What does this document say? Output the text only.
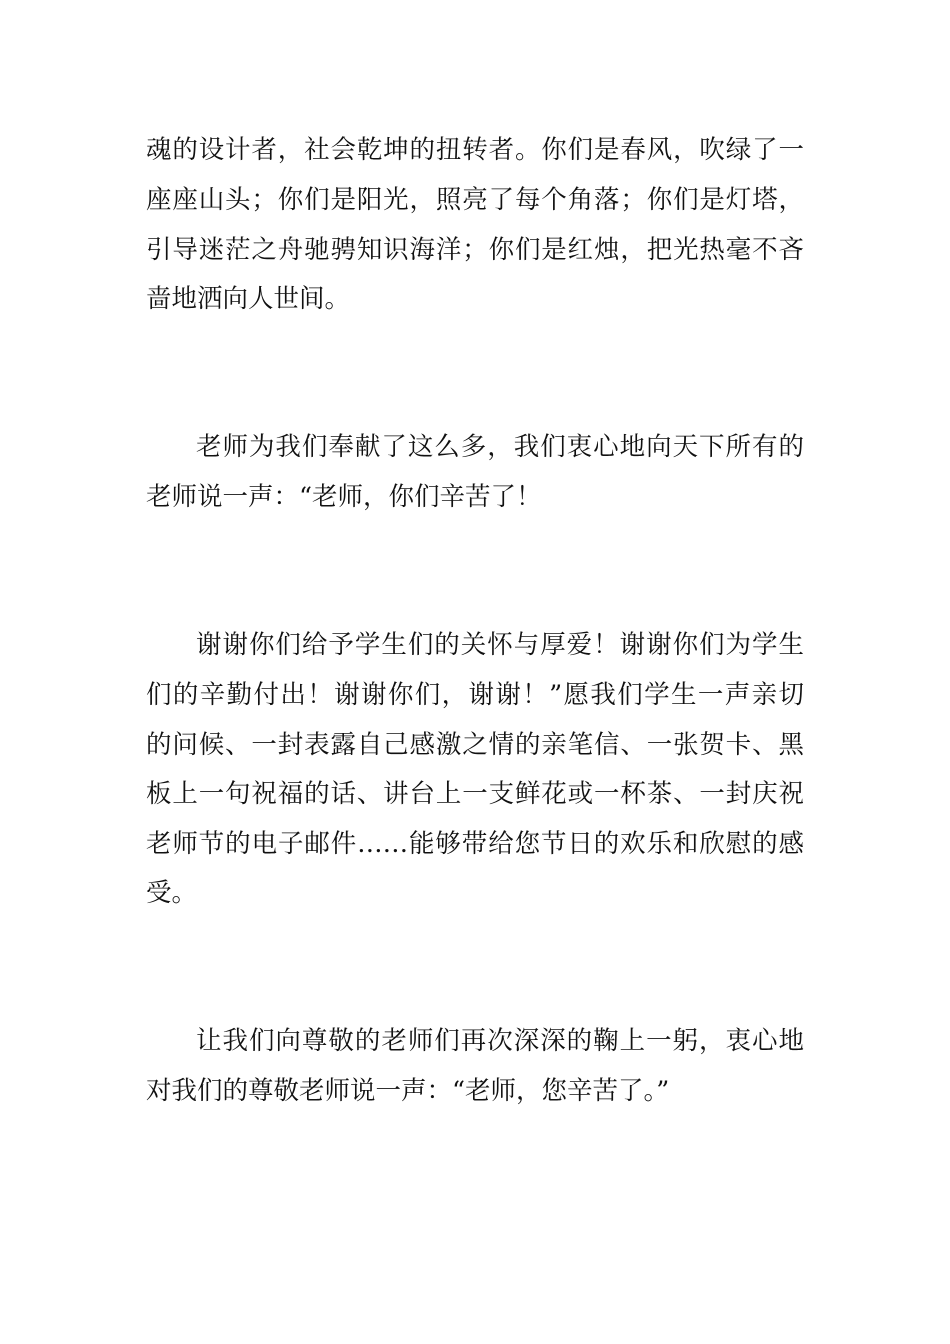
魂的设计者，社会乾坤的扭转者。你们是春风，吹绿了一
座座山头；你们是阳光，照亮了每个角落；你们是灯塔，
引导迷茫之舟驰骋知识海洋；你们是红烛，把光热毫不吝
啬地洒向人世间。
老师为我们奉献了这么多，我们衷心地向天下所有的
老师说一声：“老师，你们辛苦了！
谢谢你们给予学生们的关怀与厚爱！谢谢你们为学生
们的辛勤付出！谢谢你们，谢谢！”愿我们学生一声亲切
的问候、一封表露自己感激之情的亲笔信、一张贺卡、黑
板上一句祝福的话、讲台上一支鲜花或一杯茶、一封庆祝
老师节的电子邮件……能够带给您节日的欢乐和欣慰的感
受。
让我们向尊敬的老师们再次深深的鞠上一躬，衷心地
对我们的尊敬老师说一声：“老师，您辛苦了。”
